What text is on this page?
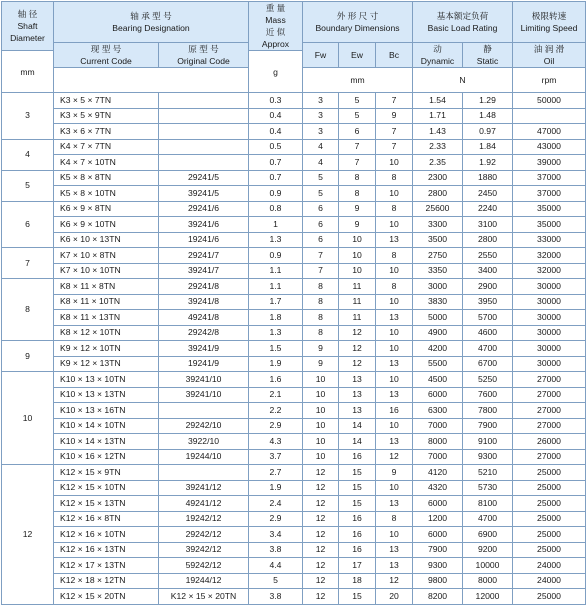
轴 径
Shaft
Diameter	轴 承 型 号
Bearing Designation		重 量
Mass
近 似
Approx	外 形 尺 寸
Boundary Dimensions			基本额定负荷
Basic Load Rating		极限转速
Limiting Speed

	现 型 号
Current Code	原 型 号
Original Code		Fw	Ew	Bc	动
Dynamic	静
Static	油 润 滑
Oil

mm			g						
				mm			N		rpm
3	K3 × 5 × 7TN		0.3	3	5	7	1.54	1.29	50000
	K3 × 5 × 9TN		0.4	3	5	9	1.71	1.48	
	K3 × 6 × 7TN		0.4	3	6	7	1.43	0.97	47000
4	K4 × 7 × 7TN		0.5	4	7	7	2.33	1.84	43000
	K4 × 7 × 10TN		0.7	4	7	10	2.35	1.92	39000
5	K5 × 8 × 8TN	29241/5	0.7	5	8	8	2300	1880	37000
	K5 × 8 × 10TN	39241/5	0.9	5	8	10	2800	2450	37000
6	K6 × 9 × 8TN	29241/6	0.8	6	9	8	25600	2240	35000
	K6 × 9 × 10TN	39241/6	1	6	9	10	3300	3100	35000
	K6 × 10 × 13TN	19241/6	1.3	6	10	13	3500	2800	33000
7	K7 × 10 × 8TN	29241/7	0.9	7	10	8	2750	2550	32000
	K7 × 10 × 10TN	39241/7	1.1	7	10	10	3350	3400	32000
8	K8 × 11 × 8TN	29241/8	1.1	8	11	8	3000	2900	30000
	K8 × 11 × 10TN	39241/8	1.7	8	11	10	3830	3950	30000
	K8 × 11 × 13TN	49241/8	1.8	8	11	13	5000	5700	30000
	K8 × 12 × 10TN	29242/8	1.3	8	12	10	4900	4600	30000
9	K9 × 12 × 10TN	39241/9	1.5	9	12	10	4200	4700	30000
	K9 × 12 × 13TN	19241/9	1.9	9	12	13	5500	6700	30000
10	K10 × 13 × 10TN	39241/10	1.6	10	13	10	4500	5250	27000
	K10 × 13 × 13TN	39241/10	2.1	10	13	13	6000	7600	27000
	K10 × 13 × 16TN		2.2	10	13	16	6300	7800	27000
	K10 × 14 × 10TN	29242/10	2.9	10	14	10	7000	7900	27000
	K10 × 14 × 13TN	3922/10	4.3	10	14	13	8000	9100	26000
	K10 × 16 × 12TN	19244/10	3.7	10	16	12	7000	9300	27000
12	K12 × 15 × 9TN		2.7	12	15	9	4120	5210	25000
	K12 × 15 × 10TN	39241/12	1.9	12	15	10	4320	5730	25000
	K12 × 15 × 13TN	49241/12	2.4	12	15	13	6000	8100	25000
	K12 × 16 × 8TN	19242/12	2.9	12	16	8	1200	4700	25000
	K12 × 16 × 10TN	29242/12	3.4	12	16	10	6000	6900	25000
	K12 × 16 × 13TN	39242/12	3.8	12	16	13	7900	9200	25000
	K12 × 17 × 13TN	59242/12	4.4	12	17	13	9300	10000	24000
	K12 × 18 × 12TN	19244/12	5	12	18	12	9800	8000	24000
	K12 × 15 × 20TN	K12 × 15 × 20TN	3.8	12	15	20	8200	12000	25000
